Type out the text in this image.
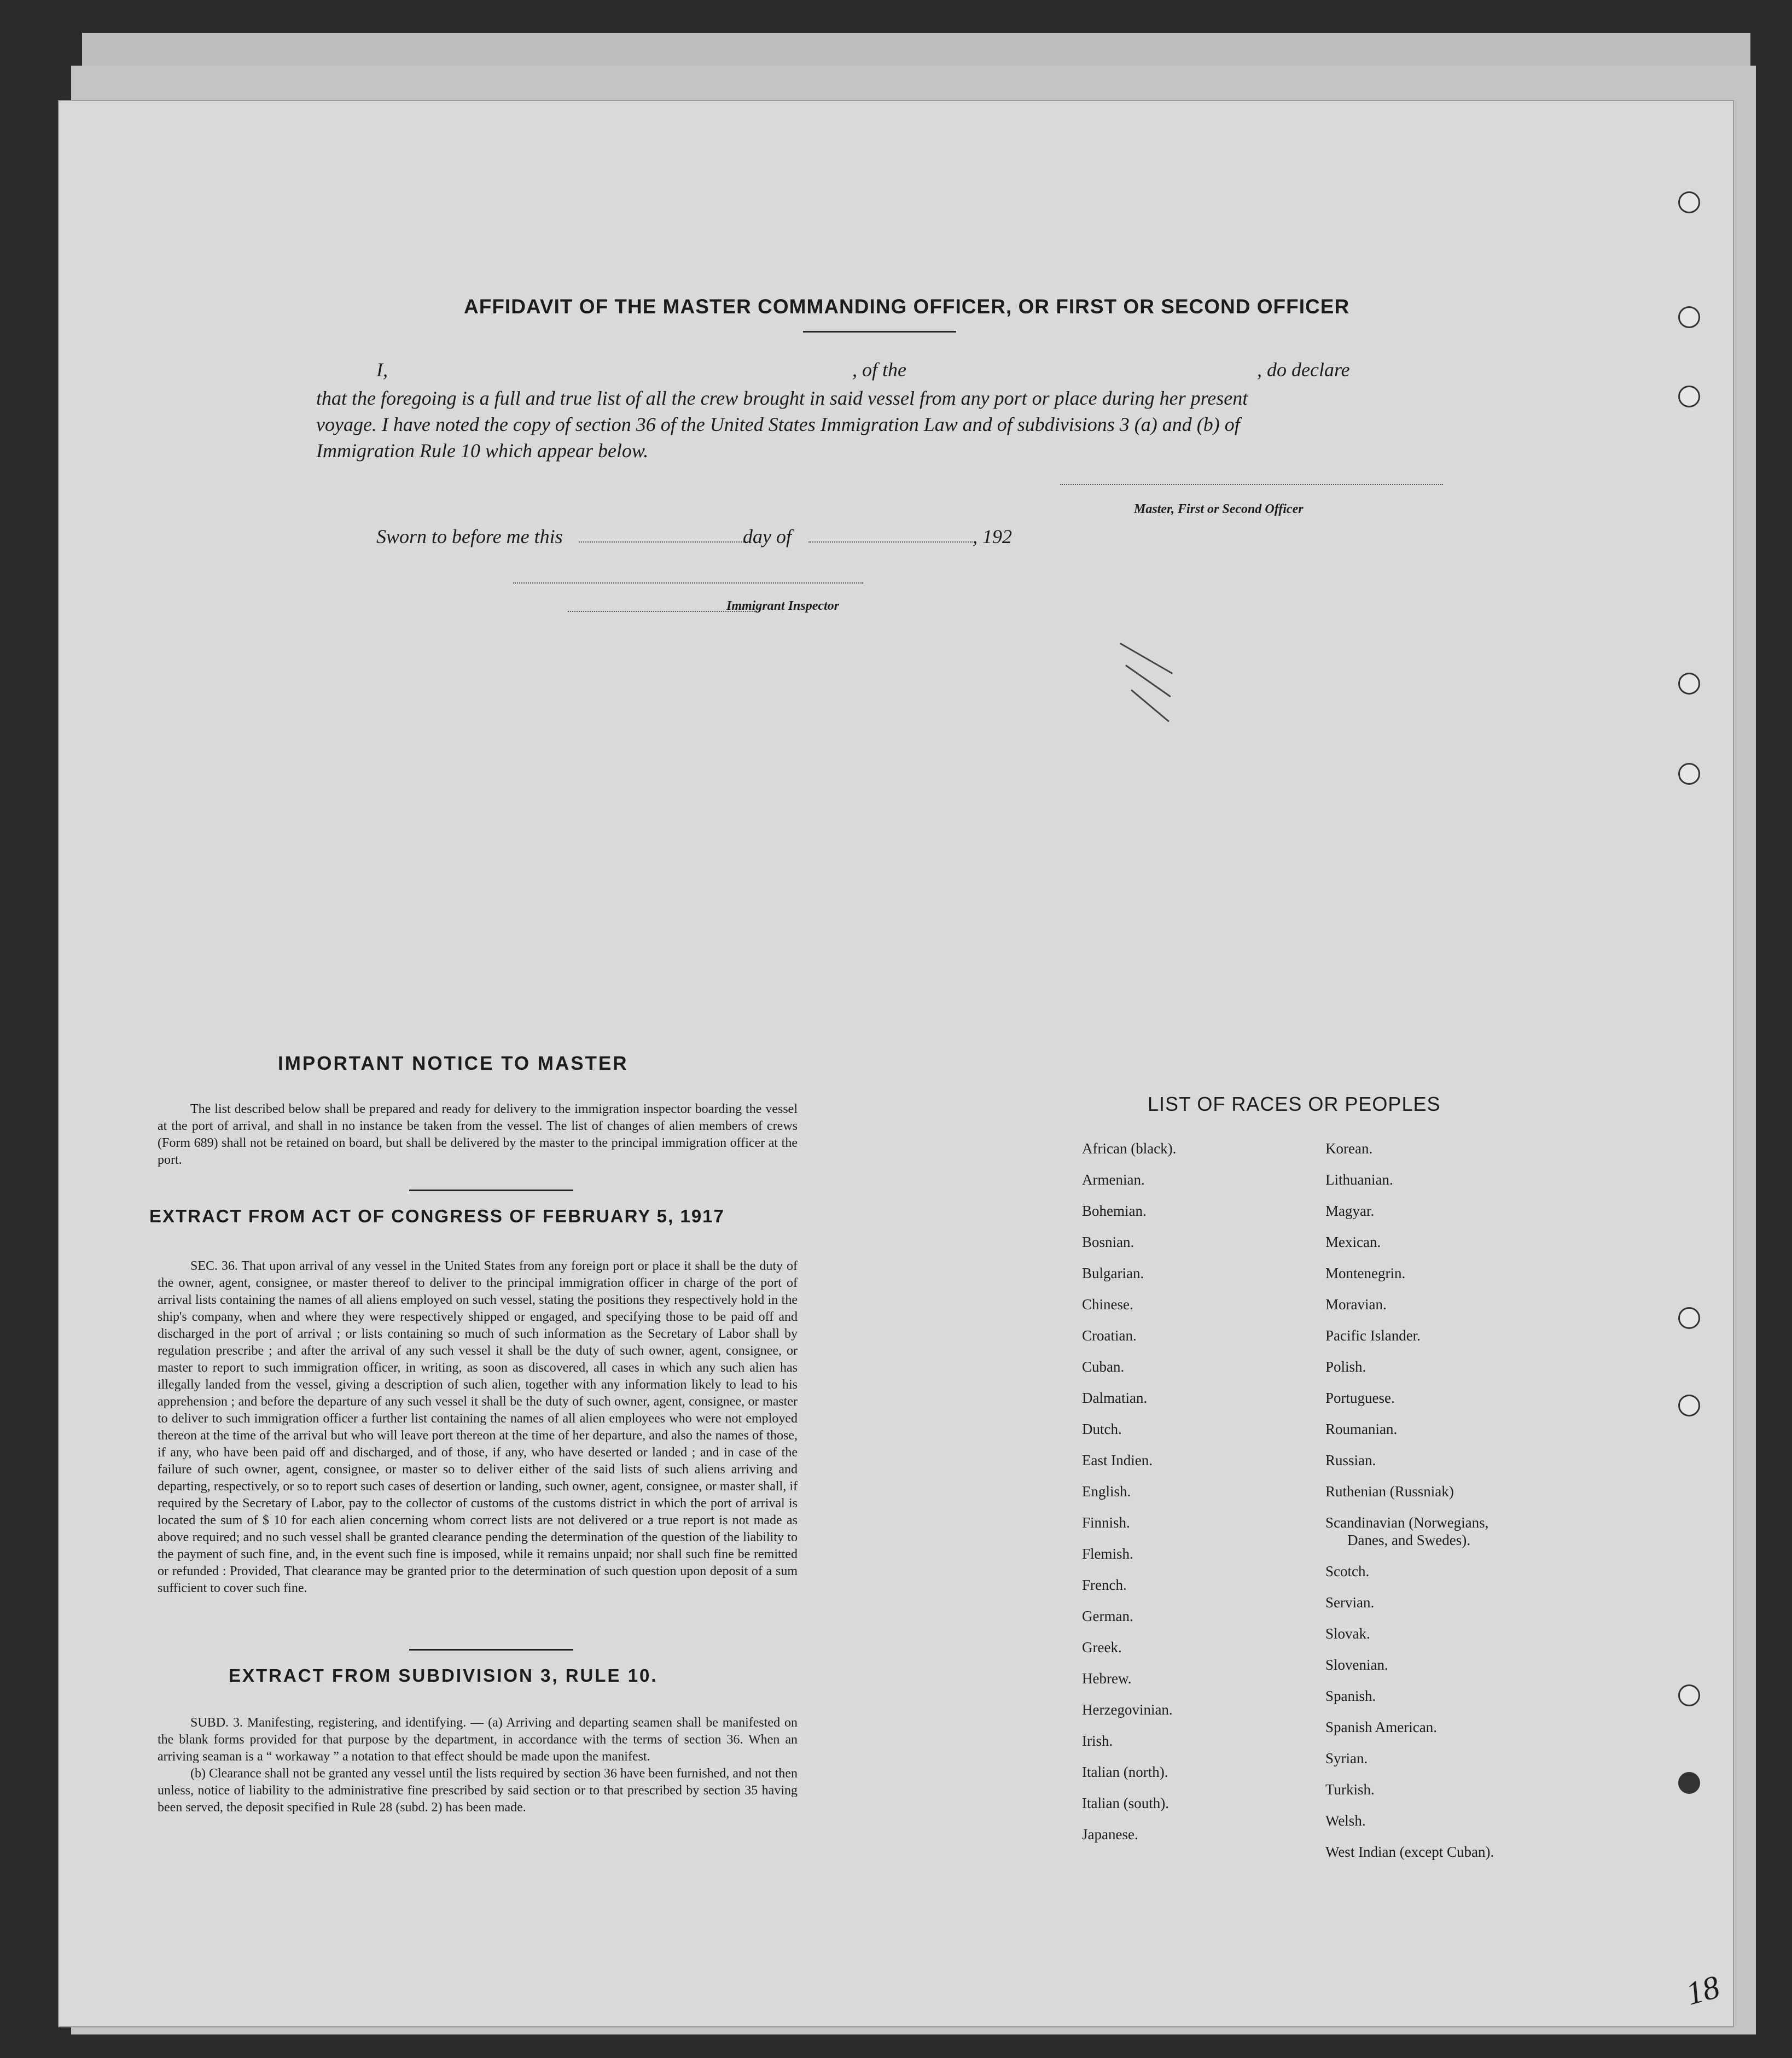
AFFIDAVIT OF THE MASTER COMMANDING OFFICER, OR FIRST OR SECOND OFFICER
I,	, of the	, do declare
that the foregoing is a full and true list of all the crew brought in said vessel from any port or place during her present
voyage. I have noted the copy of section 36 of the United States Immigration Law and of subdivisions 3 (a) and (b) of
Immigration Rule 10 which appear below.
Master, First or Second Officer
Sworn to before me this	day of	, 192
Immigrant Inspector
IMPORTANT NOTICE TO MASTER

The list described below shall be prepared and ready for delivery to the immigration inspector boarding the vessel at the port of arrival, and shall in no instance be taken from the vessel. The list of changes of alien members of crews (Form 689) shall not be retained on board, but shall be delivered by the master to the principal immigration officer at the port.

EXTRACT FROM ACT OF CONGRESS OF FEBRUARY 5, 1917

SEC. 36. That upon arrival of any vessel in the United States from any foreign port or place it shall be the duty of the owner, agent, consignee, or master thereof to deliver to the principal immigration officer in charge of the port of arrival lists containing the names of all aliens employed on such vessel, stating the positions they respectively hold in the ship's company, when and where they were respectively shipped or engaged, and specifying those to be paid off and discharged in the port of arrival ; or lists containing so much of such information as the Secretary of Labor shall by regulation prescribe ; and after the arrival of any such vessel it shall be the duty of such owner, agent, consignee, or master to report to such immigration officer, in writing, as soon as discovered, all cases in which any such alien has illegally landed from the vessel, giving a description of such alien, together with any information likely to lead to his apprehension ; and before the departure of any such vessel it shall be the duty of such owner, agent, consignee, or master to deliver to such immigration officer a further list containing the names of all alien employees who were not employed thereon at the time of the arrival but who will leave port thereon at the time of her departure, and also the names of those, if any, who have been paid off and discharged, and of those, if any, who have deserted or landed ; and in case of the failure of such owner, agent, consignee, or master so to deliver either of the said lists of such aliens arriving and departing, respectively, or so to report such cases of desertion or landing, such owner, agent, consignee, or master shall, if required by the Secretary of Labor, pay to the collector of customs of the customs district in which the port of arrival is located the sum of $ 10 for each alien concerning whom correct lists are not delivered or a true report is not made as above required; and no such vessel shall be granted clearance pending the determination of the question of the liability to the payment of such fine, and, in the event such fine is imposed, while it remains unpaid; nor shall such fine be remitted or refunded : Provided, That clearance may be granted prior to the determination of such question upon deposit of a sum sufficient to cover such fine.

EXTRACT FROM SUBDIVISION 3, RULE 10.

SUBD. 3. Manifesting, registering, and identifying. — (a) Arriving and departing seamen shall be manifested on the blank forms provided for that purpose by the department, in accordance with the terms of section 36. When an arriving seaman is a “ workaway ” a notation to that effect should be made upon the manifest.

(b) Clearance shall not be granted any vessel until the lists required by section 36 have been furnished, and not then unless, notice of liability to the administrative fine prescribed by said section or to that prescribed by section 35 having been served, the deposit specified in Rule 28 (subd. 2) has been made.

LIST OF RACES OR PEOPLES
African (black).
Armenian.
Bohemian.
Bosnian.
Bulgarian.
Chinese.
Croatian.
Cuban.
Dalmatian.
Dutch.
East Indien.
English.
Finnish.
Flemish.
French.
German.
Greek.
Hebrew.
Herzegovinian.
Irish.
Italian (north).
Italian (south).
Japanese.
Korean.
Lithuanian.
Magyar.
Mexican.
Montenegrin.
Moravian.
Pacific Islander.
Polish.
Portuguese.
Roumanian.
Russian.
Ruthenian (Russniak)
Scandinavian (Norwegians,
Danes, and Swedes).
Scotch.
Servian.
Slovak.
Slovenian.
Spanish.
Spanish American.
Syrian.
Turkish.
Welsh.
West Indian (except Cuban).
18
